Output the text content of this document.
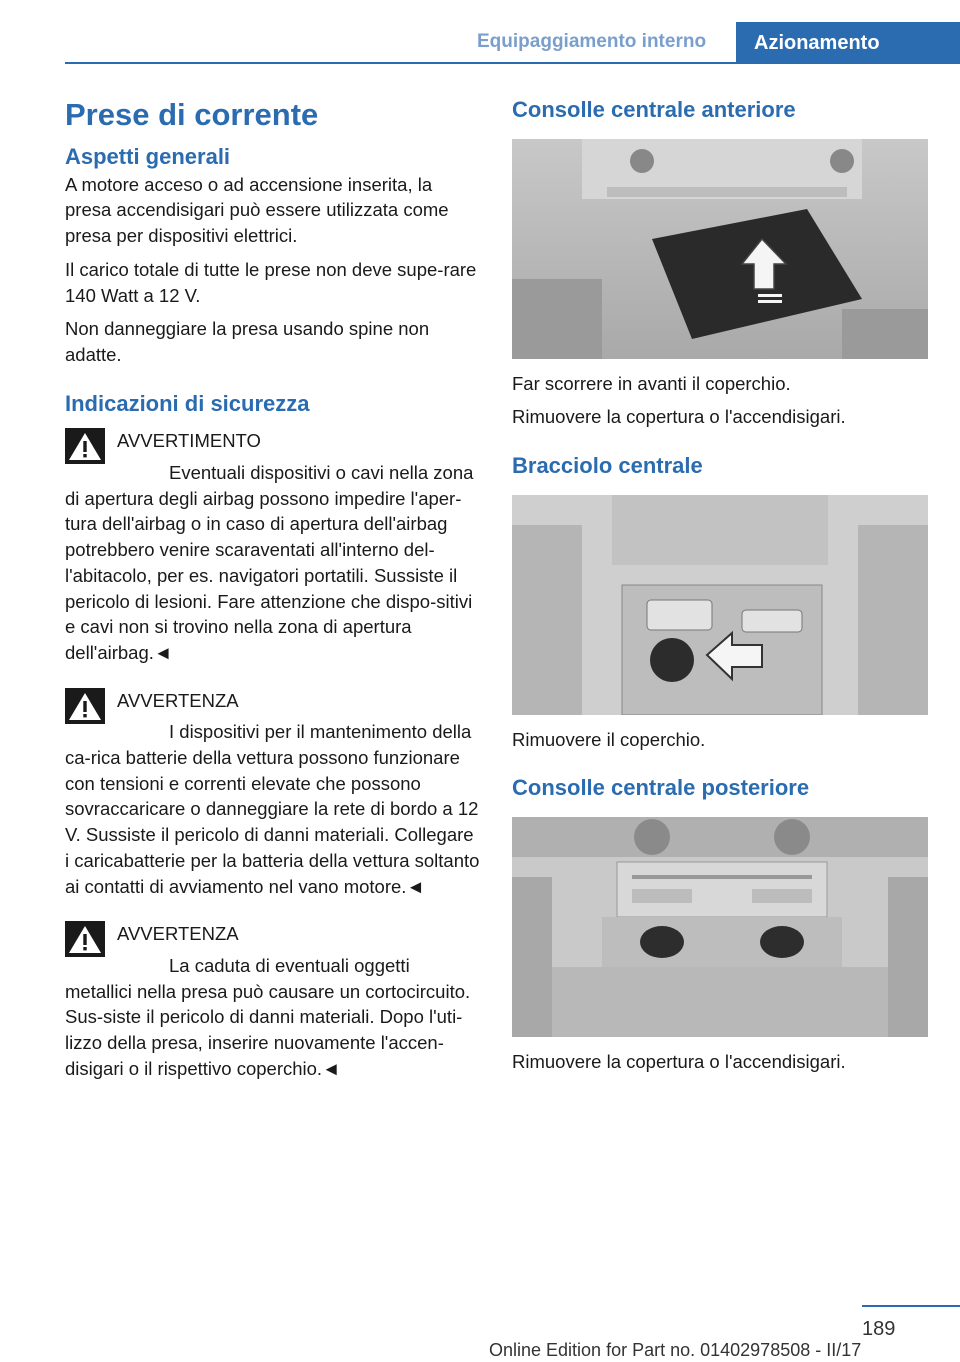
Equipaggiamento interno	Azionamento
Prese di corrente
Aspetti generali

A motore acceso o ad accensione inserita, la presa accendisigari può essere utilizzata come presa per dispositivi elettrici.

Il carico totale di tutte le prese non deve supe‐rare 140 Watt a 12 V.

Non danneggiare la presa usando spine non adatte.

Indicazioni di sicurezza

AVVERTIMENTO

Eventuali dispositivi o cavi nella zona di apertura degli airbag possono impedire l'aper‐tura dell'airbag o in caso di apertura dell'airbag potrebbero venire scaraventati all'interno del‐l'abitacolo, per es. navigatori portatili. Sussiste il pericolo di lesioni. Fare attenzione che dispo‐sitivi e cavi non si trovino nella zona di apertura dell'airbag.◄

AVVERTENZA

I dispositivi per il mantenimento della ca‐rica batterie della vettura possono funzionare con tensioni e correnti elevate che possono sovraccaricare o danneggiare la rete di bordo a 12 V. Sussiste il pericolo di danni materiali. Collegare i caricabatterie per la batteria della vettura soltanto ai contatti di avviamento nel vano motore.◄

AVVERTENZA

La caduta di eventuali oggetti metallici nella presa può causare un cortocircuito. Sus‐siste il pericolo di danni materiali. Dopo l'uti‐lizzo della presa, inserire nuovamente l'accen‐disigari o il rispettivo coperchio.◄

Consolle centrale anteriore

Far scorrere in avanti il coperchio.

Rimuovere la copertura o l'accendisigari.

Bracciolo centrale

Rimuovere il coperchio.

Consolle centrale posteriore

Rimuovere la copertura o l'accendisigari.

189
Online Edition for Part no. 01402978508 - II/17
